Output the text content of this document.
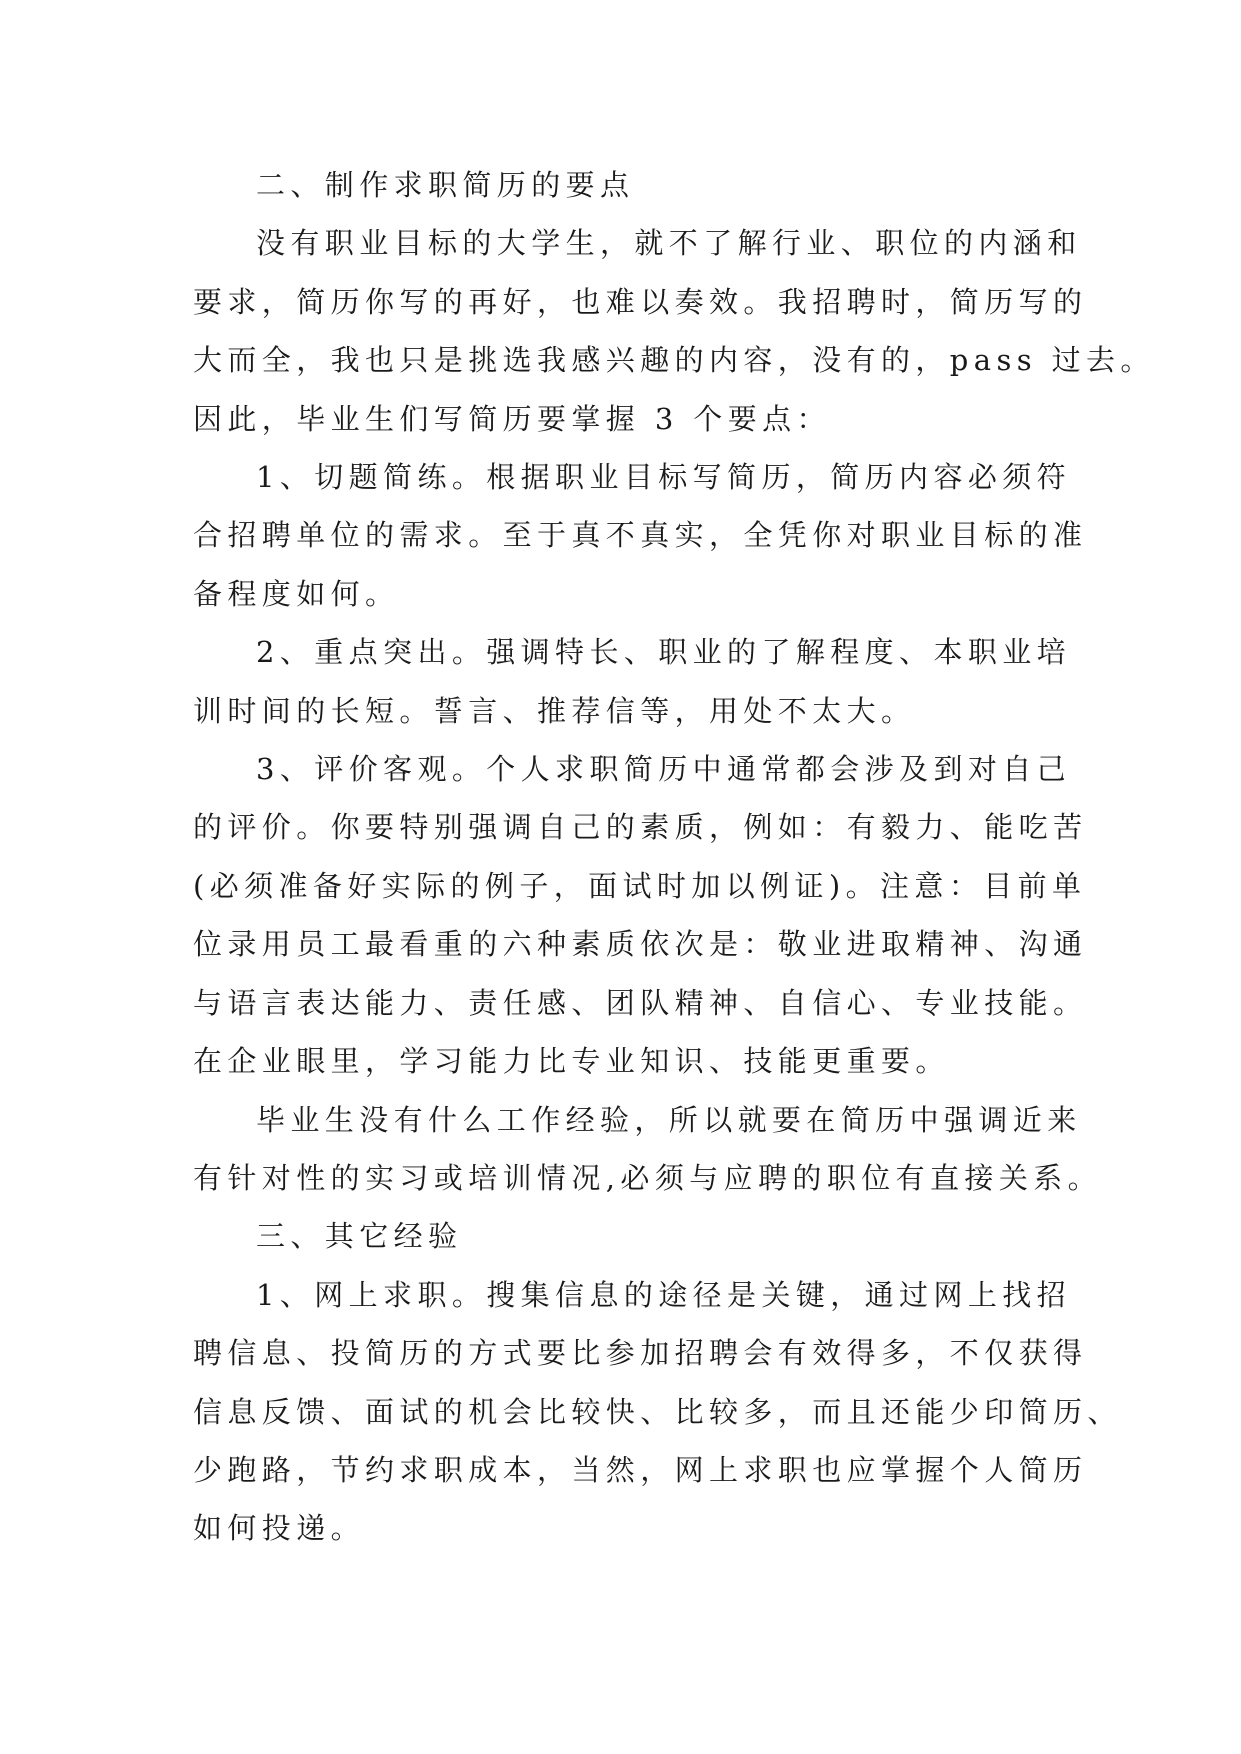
二、制作求职简历的要点

没有职业目标的大学生，就不了解行业、职位的内涵和
要求，简历你写的再好，也难以奏效。我招聘时，简历写的
大而全，我也只是挑选我感兴趣的内容，没有的，pass 过去。
因此，毕业生们写简历要掌握 3 个要点：

1、切题简练。根据职业目标写简历，简历内容必须符
合招聘单位的需求。至于真不真实，全凭你对职业目标的准
备程度如何。

2、重点突出。强调特长、职业的了解程度、本职业培
训时间的长短。誓言、推荐信等，用处不太大。

3、评价客观。个人求职简历中通常都会涉及到对自己
的评价。你要特别强调自己的素质，例如：有毅力、能吃苦
(必须准备好实际的例子，面试时加以例证)。注意：目前单
位录用员工最看重的六种素质依次是：敬业进取精神、沟通
与语言表达能力、责任感、团队精神、自信心、专业技能。
在企业眼里，学习能力比专业知识、技能更重要。

毕业生没有什么工作经验，所以就要在简历中强调近来
有针对性的实习或培训情况,必须与应聘的职位有直接关系。

三、其它经验

1、网上求职。搜集信息的途径是关键，通过网上找招
聘信息、投简历的方式要比参加招聘会有效得多，不仅获得
信息反馈、面试的机会比较快、比较多，而且还能少印简历、
少跑路，节约求职成本，当然，网上求职也应掌握个人简历
如何投递。
